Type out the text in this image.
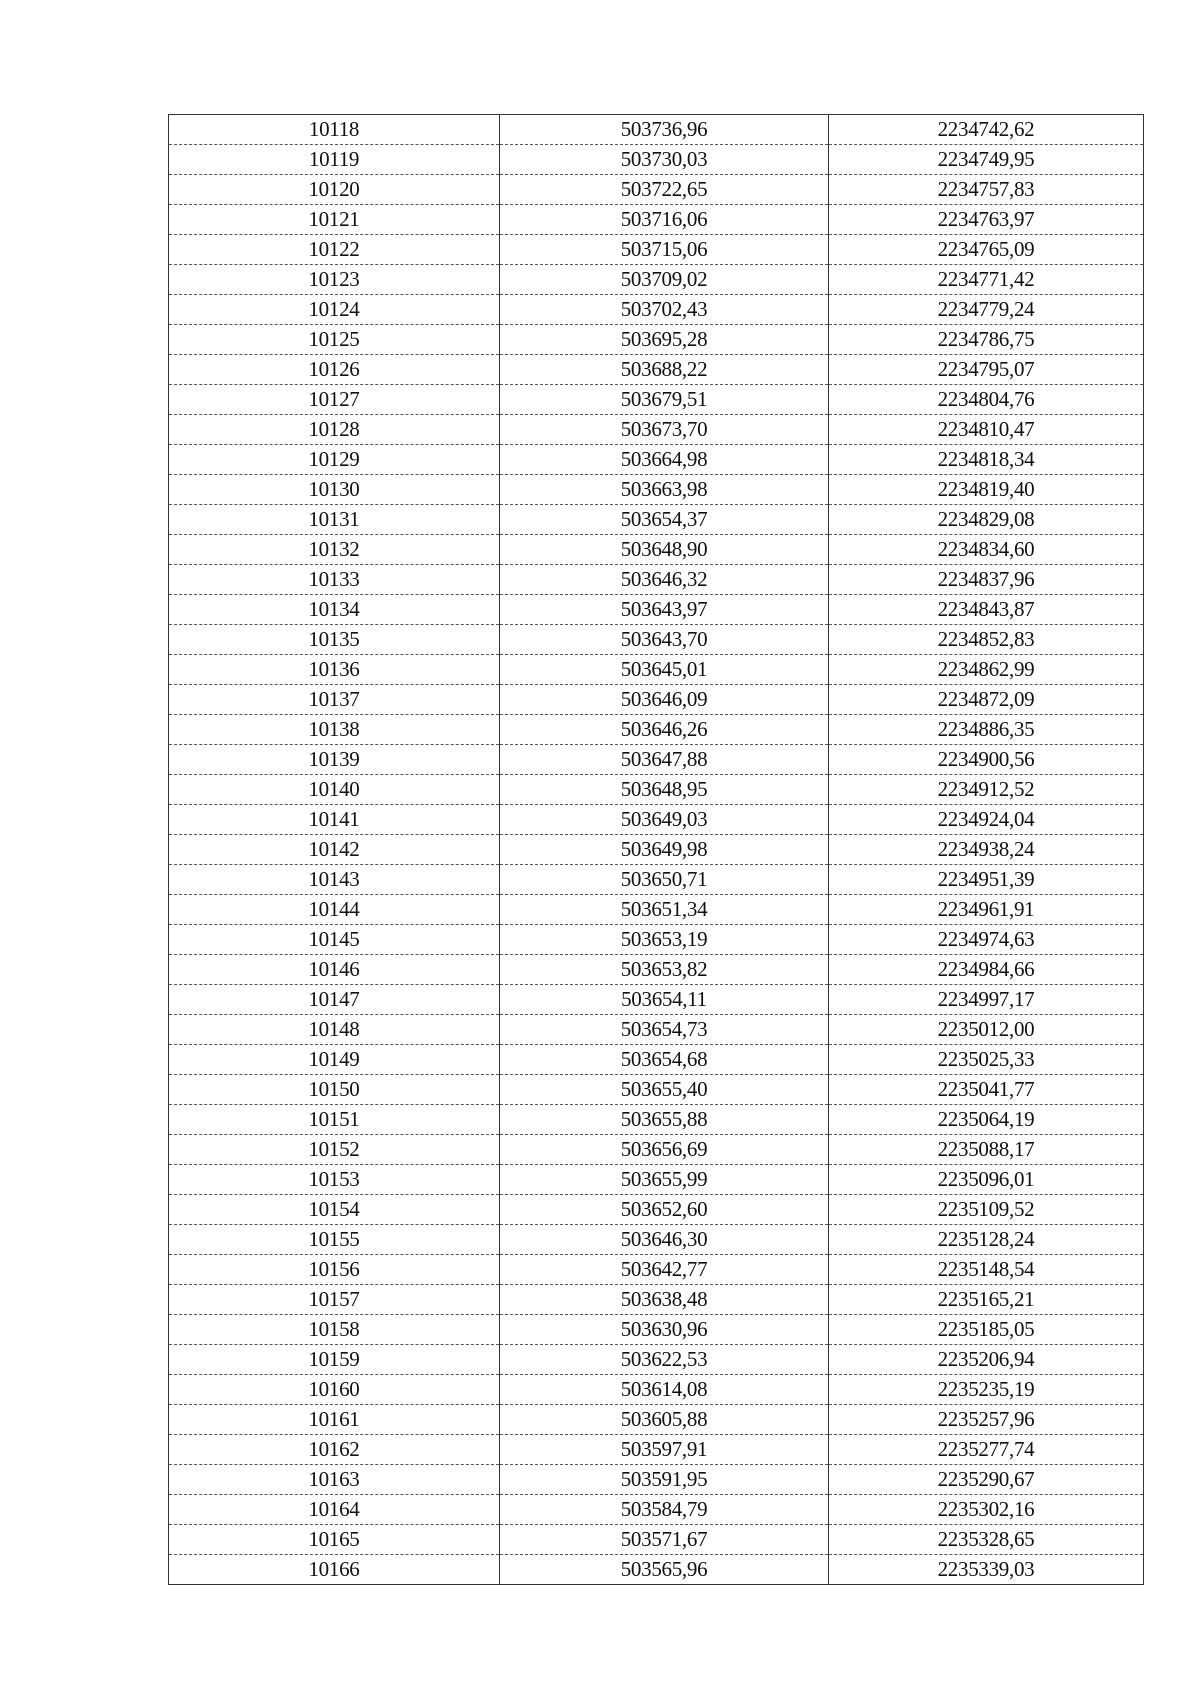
10118	503736,96	2234742,62
10119	503730,03	2234749,95
10120	503722,65	2234757,83
10121	503716,06	2234763,97
10122	503715,06	2234765,09
10123	503709,02	2234771,42
10124	503702,43	2234779,24
10125	503695,28	2234786,75
10126	503688,22	2234795,07
10127	503679,51	2234804,76
10128	503673,70	2234810,47
10129	503664,98	2234818,34
10130	503663,98	2234819,40
10131	503654,37	2234829,08
10132	503648,90	2234834,60
10133	503646,32	2234837,96
10134	503643,97	2234843,87
10135	503643,70	2234852,83
10136	503645,01	2234862,99
10137	503646,09	2234872,09
10138	503646,26	2234886,35
10139	503647,88	2234900,56
10140	503648,95	2234912,52
10141	503649,03	2234924,04
10142	503649,98	2234938,24
10143	503650,71	2234951,39
10144	503651,34	2234961,91
10145	503653,19	2234974,63
10146	503653,82	2234984,66
10147	503654,11	2234997,17
10148	503654,73	2235012,00
10149	503654,68	2235025,33
10150	503655,40	2235041,77
10151	503655,88	2235064,19
10152	503656,69	2235088,17
10153	503655,99	2235096,01
10154	503652,60	2235109,52
10155	503646,30	2235128,24
10156	503642,77	2235148,54
10157	503638,48	2235165,21
10158	503630,96	2235185,05
10159	503622,53	2235206,94
10160	503614,08	2235235,19
10161	503605,88	2235257,96
10162	503597,91	2235277,74
10163	503591,95	2235290,67
10164	503584,79	2235302,16
10165	503571,67	2235328,65
10166	503565,96	2235339,03
